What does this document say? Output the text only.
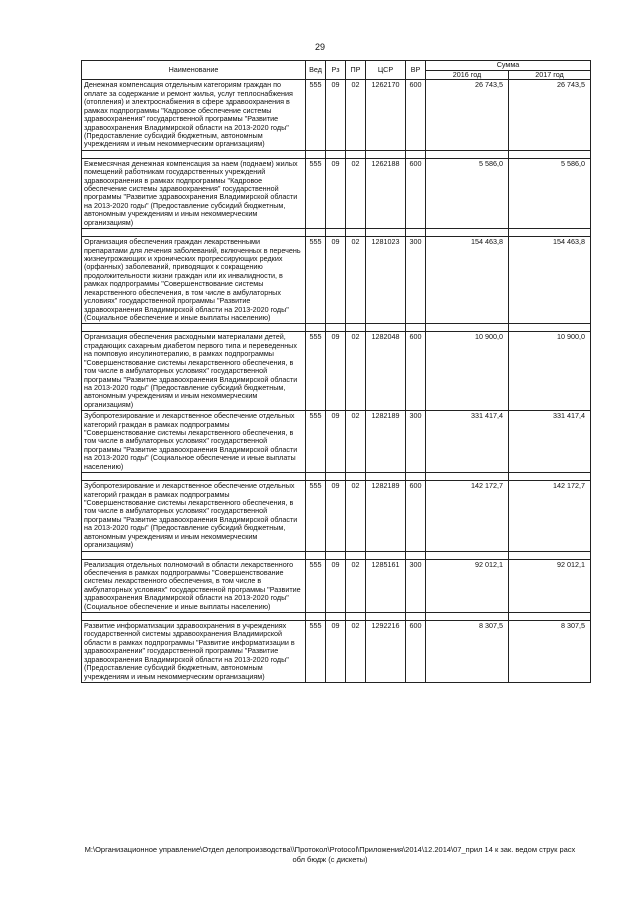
29
Наименование	Вед	Рз	ПР	ЦСР	ВР	Сумма	
						2016 год	2017 год
Денежная компенсация отдельным категориям граждан по оплате за содержание и ремонт жилья, услуг теплоснабжения (отопления) и электроснабжения в сфере здравоохранения в рамках подпрограммы "Кадровое обеспечение системы здравоохранения" государственной программы "Развитие здравоохранения Владимирской области на 2013-2020 годы" (Предоставление субсидий бюджетным, автономным учреждениям и иным некоммерческим организациям)	555	09	02	1262170	600	26 743,5	26 743,5

Ежемесячная денежная компенсация за наем (поднаем) жилых помещений работникам государственных учреждений здравоохранения в рамках подпрограммы "Кадровое обеспечение системы здравоохранения" государственной программы "Развитие здравоохранения Владимирской области на 2013-2020 годы" (Предоставление субсидий бюджетным, автономным учреждениям и иным некоммерческим организациям)	555	09	02	1262188	600	5 586,0	5 586,0

Организация обеспечения граждан лекарственными препаратами для лечения заболеваний, включенных в перечень жизнеугрожающих и хронических прогрессирующих редких (орфанных) заболеваний, приводящих к сокращению продолжительности жизни граждан или их инвалидности, в рамках подпрограммы "Совершенствование системы лекарственного обеспечения, в том числе в амбулаторных условиях" государственной программы "Развитие здравоохранения Владимирской области на 2013-2020 годы" (Социальное обеспечение и иные выплаты населению)	555	09	02	1281023	300	154 463,8	154 463,8

Организация обеспечения расходными материалами детей, страдающих сахарным диабетом первого типа и переведенных на помповую инсулинотерапию, в рамках подпрограммы "Совершенствование системы лекарственного обеспечения, в том числе в амбулаторных условиях" государственной программы "Развитие здравоохранения Владимирской области на 2013-2020 годы" (Предоставление субсидий бюджетным, автономным учреждениям и иным некоммерческим организациям)	555	09	02	1282048	600	10 900,0	10 900,0
Зубопротезирование и лекарственное обеспечение отдельных категорий граждан в рамках подпрограммы "Совершенствование системы лекарственного обеспечения, в том числе в амбулаторных условиях" государственной программы "Развитие здравоохранения Владимирской области на 2013-2020 годы" (Социальное обеспечение и иные выплаты населению)	555	09	02	1282189	300	331 417,4	331 417,4

Зубопротезирование и лекарственное обеспечение отдельных категорий граждан в рамках подпрограммы "Совершенствование системы лекарственного обеспечения, в том числе в амбулаторных условиях" государственной программы "Развитие здравоохранения Владимирской области на 2013-2020 годы" (Предоставление субсидий бюджетным, автономным учреждениям и иным некоммерческим организациям)	555	09	02	1282189	600	142 172,7	142 172,7

Реализация отдельных полномочий в области лекарственного обеспечения в рамках подпрограммы "Совершенствование системы лекарственного обеспечения, в том числе в амбулаторных условиях" государственной программы "Развитие здравоохранения Владимирской области на 2013-2020 годы" (Социальное обеспечение и иные выплаты населению)	555	09	02	1285161	300	92 012,1	92 012,1

Развитие информатизации здравоохранения в учреждениях государственной системы здравоохранения Владимирской области в рамках подпрограммы "Развитие информатизации в здравоохранении" государственной программы "Развитие здравоохранения Владимирской области на 2013-2020 годы" (Предоставление субсидий бюджетным, автономным учреждениям и иным некоммерческим организациям)	555	09	02	1292216	600	8 307,5	8 307,5
M:\Организационное управление\Отдел делопроизводства\\Протокол\Protocol\Приложения\2014\12.2014\07_прил 14 к зак. ведом струк расх
обл бюдж (с дискеты)
